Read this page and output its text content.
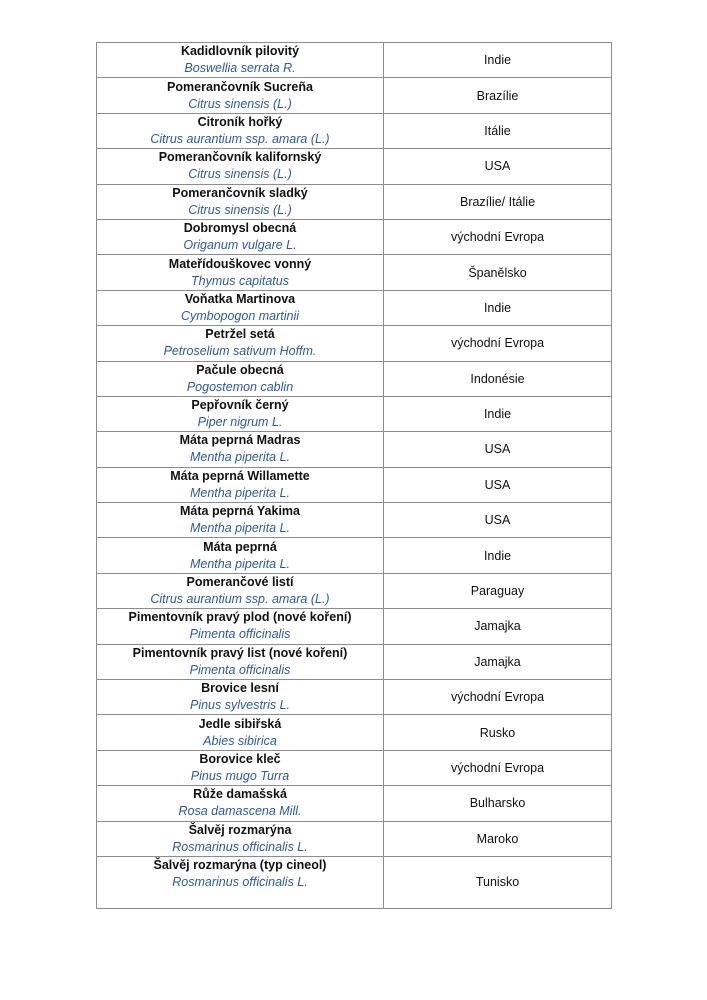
Kadidlovník pilovitý
Boswellia serrata R.	Indie

Pomerančovník Sucreña
Citrus sinensis (L.)	Brazílie

Citroník hořký
Citrus aurantium ssp. amara (L.)	Itálie

Pomerančovník kalifornský
Citrus sinensis (L.)	USA

Pomerančovník sladký
Citrus sinensis (L.)	Brazílie/ Itálie

Dobromysl obecná
Origanum vulgare L.	východní Evropa

Mateřídouškovec vonný
Thymus capitatus	Španělsko

Voňatka Martinova
Cymbopogon martinii	Indie

Petržel setá
Petroselium sativum Hoffm.	východní Evropa

Pačule obecná
Pogostemon cablin	Indonésie

Pepřovník černý
Piper nigrum L.	Indie

Máta peprná Madras
Mentha piperita L.	USA

Máta peprná Willamette
Mentha piperita L.	USA

Máta peprná Yakima
Mentha piperita L.	USA

Máta peprná
Mentha piperita L.	Indie

Pomerančové listí
Citrus aurantium ssp. amara (L.)	Paraguay

Pimentovník pravý plod (nové koření)
Pimenta officinalis	Jamajka

Pimentovník pravý list (nové koření)
Pimenta officinalis	Jamajka

Brovice lesní
Pinus sylvestris L.	východní Evropa

Jedle sibiřská
Abies sibirica	Rusko

Borovice kleč
Pinus mugo Turra	východní Evropa

Růže damašská
Rosa damascena Mill.	Bulharsko

Šalvěj rozmarýna
Rosmarinus officinalis L.	Maroko

Šalvěj rozmarýna (typ cineol)
Rosmarinus officinalis L.	Tunisko
